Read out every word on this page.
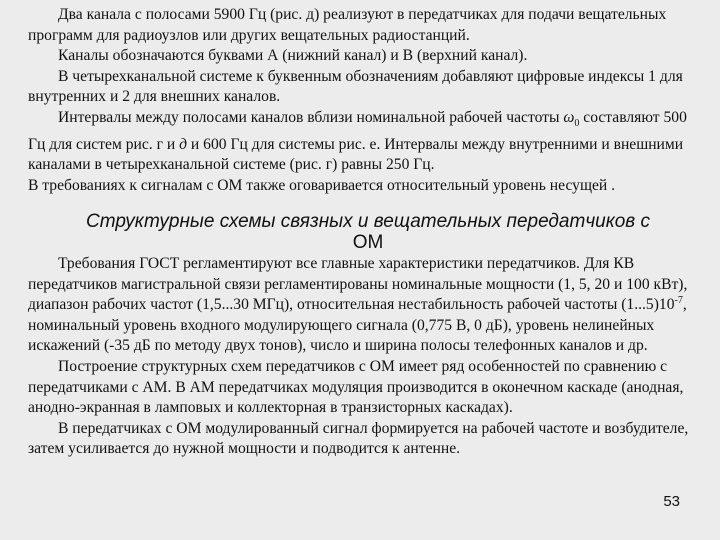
Два канала с полосами 5900 Гц (рис. д) реализуют в передатчиках для подачи вещательных программ для радиоузлов или других вещательных радиостанций.

Каналы обозначаются буквами А (нижний канал) и В (верхний канал).

В четырехканальной системе к буквенным обозначениям добавляют цифровые индексы 1 для внутренних и 2 для внешних каналов.

Интервалы между полосами каналов вблизи номинальной рабочей частоты $\omega_0$ составляют 500 Гц для систем рис. г и д и 600 Гц для системы рис. е. Интервалы между внутренними и внешними каналами в четырехканальной системе (рис. г) равны 250 Гц.

В требованиях к сигналам с ОМ также оговаривается относительный уровень несущей .

Структурные схемы связных и вещательных передатчиков с
ОМ

Требования ГОСТ регламентируют все главные характеристики передатчиков. Для КВ передатчиков магистральной связи регламентированы номинальные мощности (1, 5, 20 и 100 кВт), диапазон рабочих частот (1,5...30 МГц), относительная нестабильность рабочей частоты $(1...5)10^{-7}$, номинальный уровень входного модулирующего сигнала (0,775 В, 0 дБ), уровень нелинейных искажений (-35 дБ по методу двух тонов), число и ширина полосы телефонных каналов и др.

Построение структурных схем передатчиков с ОМ имеет ряд особенностей по сравнению с передатчиками с АМ. В АМ передатчиках модуляция производится в оконечном каскаде (анодная, анодно-экранная в ламповых и коллекторная в транзисторных каскадах).

В передатчиках с ОМ модулированный сигнал формируется на рабочей частоте и возбудителе, затем усиливается до нужной мощности и подводится к антенне.

53
